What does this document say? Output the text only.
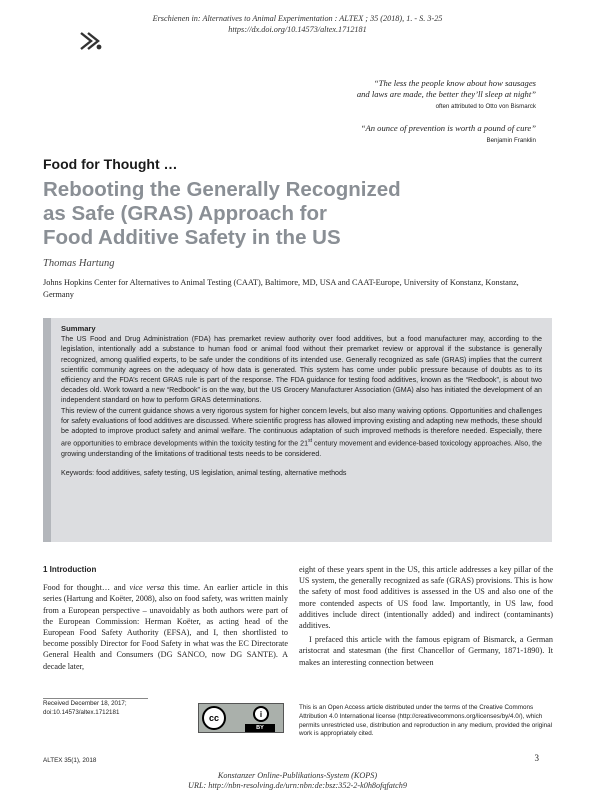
Erschienen in: Alternatives to Animal Experimentation : ALTEX ; 35 (2018), 1. - S. 3-25
https://dx.doi.org/10.14573/altex.1712181
“The less the people know about how sausages
and laws are made, the better they’ll sleep at night”
often attributed to Otto von Bismarck
“An ounce of prevention is worth a pound of cure”
Benjamin Franklin
Food for Thought …
Rebooting the Generally Recognized
as Safe (GRAS) Approach for
Food Additive Safety in the US
Thomas Hartung
Johns Hopkins Center for Alternatives to Animal Testing (CAAT), Baltimore, MD, USA and CAAT-Europe, University of Konstanz, Konstanz, Germany

Summary

The US Food and Drug Administration (FDA) has premarket review authority over food additives, but a food manufacturer may, according to the legislation, intentionally add a substance to human food or animal food without their premarket review or approval if the substance is generally recognized, among qualified experts, to be safe under the conditions of its intended use. Generally recognized as safe (GRAS) implies that the current scientific community agrees on the adequacy of how data is generated. This system has come under public pressure because of doubts as to its efficiency and the FDA’s recent GRAS rule is part of the response. The FDA guidance for testing food additives, known as the “Redbook”, is about two decades old. Work toward a new “Redbook” is on the way, but the US Grocery Manufacturer Association (GMA) also has initiated the development of an independent standard on how to perform GRAS determinations.

This review of the current guidance shows a very rigorous system for higher concern levels, but also many waiving options. Opportunities and challenges for safety evaluations of food additives are discussed. Where scientific progress has allowed improving existing and adapting new methods, these should be adopted to improve product safety and animal welfare. The continuous adaptation of such improved methods is therefore needed. Especially, there are opportunities to embrace developments within the toxicity testing for the 21st century movement and evidence-based toxicology approaches. Also, the growing understanding of the limitations of traditional tests needs to be considered.

Keywords: food additives, safety testing, US legislation, animal testing, alternative methods

1 Introduction

Food for thought… and vice versa this time. An earlier article in this series (Hartung and Koëter, 2008), also on food safety, was written mainly from a European perspective – unavoidably as both authors were part of the European Commission: Herman Koëter, as acting head of the European Food Safety Authority (EFSA), and I, then shortlisted to become possibly Director for Food Safety in what was the EC Directorate General Health and Consumers (DG SANCO, now DG SANTE). A decade later,

eight of these years spent in the US, this article addresses a key pillar of the US system, the generally recognized as safe (GRAS) provisions. This is how the safety of most food additives is assessed in the US and also one of the more contended aspects of US food law. Importantly, in US law, food additives include direct (intentionally added) and indirect (contaminants) additives.

I prefaced this article with the famous epigram of Bismarck, a German aristocrat and statesman (the first Chancellor of Germany, 1871-1890). It makes an interesting connection between

Received December 18, 2017;
doi:10.14573/altex.1712181
cc	i
BY
This is an Open Access article distributed under the terms of the Creative Commons Attribution 4.0 International license (http://creativecommons.org/licenses/by/4.0/), which permits unrestricted use, distribution and reproduction in any medium, provided the original work is appropriately cited.
ALTEX 35(1), 2018	3
Konstanzer Online-Publikations-System (KOPS)
URL: http://nbn-resolving.de/urn:nbn:de:bsz:352-2-k0h8ofqfatch9
